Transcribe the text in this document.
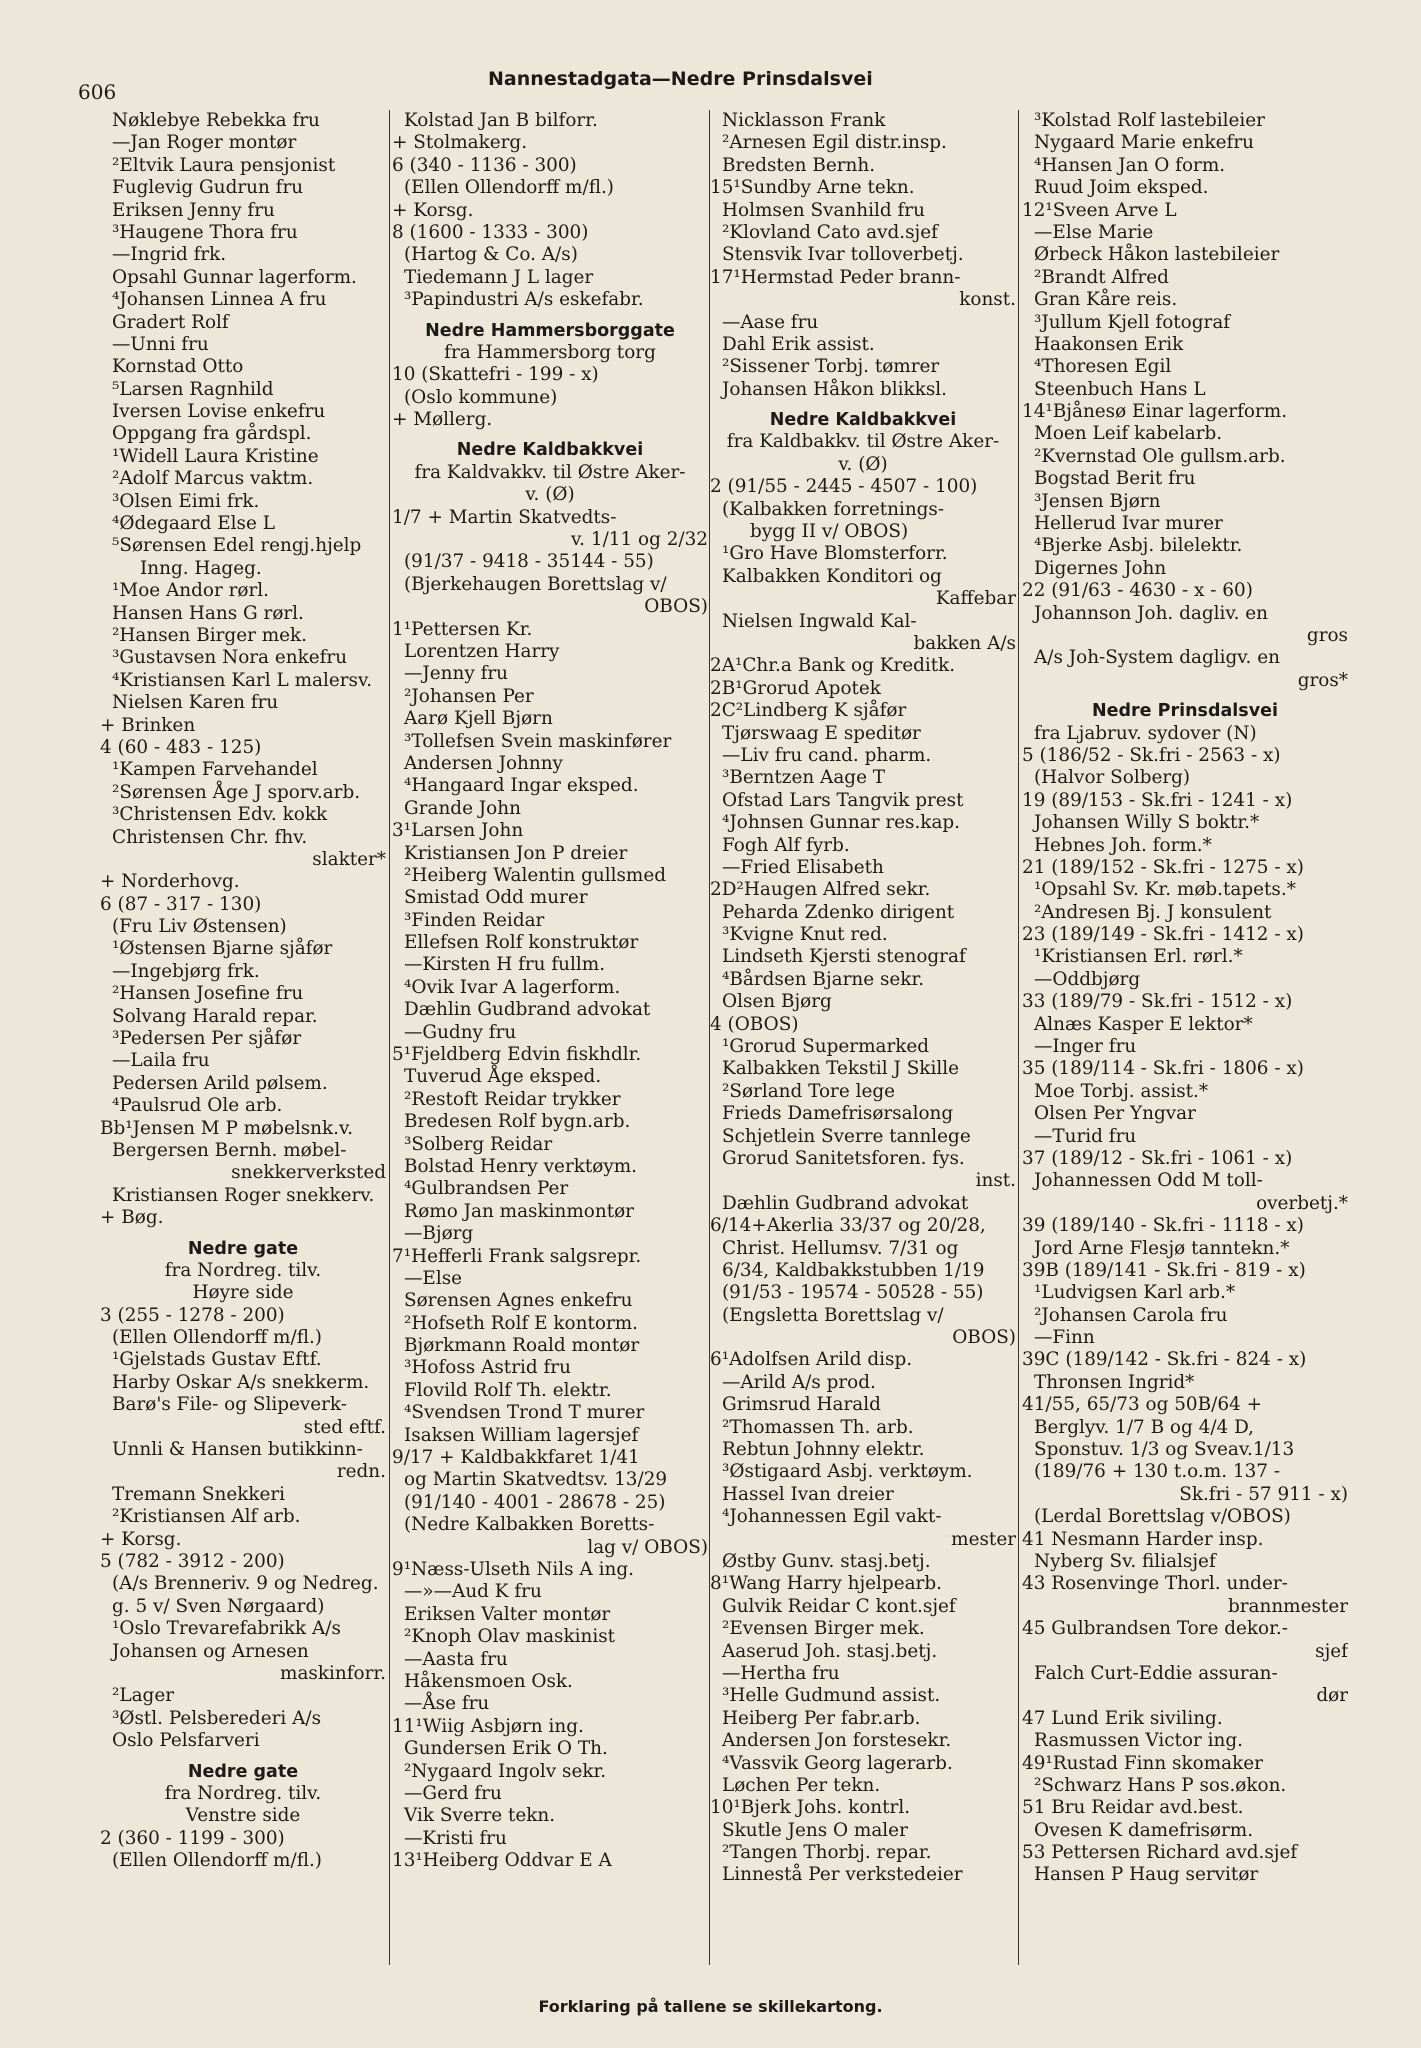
606
Nannestadgata—Nedre Prinsdalsvei
Nøklebye Rebekka fru
—Jan Roger montør
²Eltvik Laura pensjonist
Fuglevig Gudrun fru
Eriksen Jenny fru
³Haugene Thora fru
—Ingrid frk.
Opsahl Gunnar lagerform.
⁴Johansen Linnea A fru
Gradert Rolf
—Unni fru
Kornstad Otto
⁵Larsen Ragnhild
Iversen Lovise enkefru
Oppgang fra gårdspl.
¹Widell Laura Kristine
²Adolf Marcus vaktm.
³Olsen Eimi frk.
⁴Ødegaard Else L
⁵Sørensen Edel rengj.hjelp
Inng. Hageg.
¹Moe Andor rørl.
Hansen Hans G rørl.
²Hansen Birger mek.
³Gustavsen Nora enkefru
⁴Kristiansen Karl L malersv.
Nielsen Karen fru
+ Brinken
4 (60 - 483 - 125)
¹Kampen Farvehandel
²Sørensen Åge J sporv.arb.
³Christensen Edv. kokk
Christensen Chr. fhv.
slakter*
+ Norderhovg.
6 (87 - 317 - 130)
(Fru Liv Østensen)
¹Østensen Bjarne sjåfør
—Ingebjørg frk.
²Hansen Josefine fru
Solvang Harald repar.
³Pedersen Per sjåfør
—Laila fru
Pedersen Arild pølsem.
⁴Paulsrud Ole arb.
Bb¹Jensen M P møbelsnk.v.
Bergersen Bernh. møbel-
snekkerverksted
Kristiansen Roger snekkerv.
+ Bøg.
Nedre gate
fra Nordreg. tilv.
Høyre side
3 (255 - 1278 - 200)
(Ellen Ollendorff m/fl.)
¹Gjelstads Gustav Eftf.
Harby Oskar A/s snekkerm.
Barø's File- og Slipeverk-
sted eftf.
Unnli & Hansen butikkinn-
redn.
Tremann Snekkeri
²Kristiansen Alf arb.
+ Korsg.
5 (782 - 3912 - 200)
(A/s Brenneriv. 9 og Nedreg.
g. 5 v/ Sven Nørgaard)
¹Oslo Trevarefabrikk A/s
Johansen og Arnesen
maskinforr.
²Lager
³Østl. Pelsberederi A/s
Oslo Pelsfarveri
Nedre gate
fra Nordreg. tilv.
Venstre side
2 (360 - 1199 - 300)
(Ellen Ollendorff m/fl.)
Kolstad Jan B bilforr.
+ Stolmakerg.
6 (340 - 1136 - 300)
(Ellen Ollendorff m/fl.)
+ Korsg.
8 (1600 - 1333 - 300)
(Hartog & Co. A/s)
Tiedemann J L lager
³Papindustri A/s eskefabr.
Nedre Hammersborggate
fra Hammersborg torg
10 (Skattefri - 199 - x)
(Oslo kommune)
+ Møllerg.
Nedre Kaldbakkvei
fra Kaldvakkv. til Østre Aker-
v. (Ø)
1/7 + Martin Skatvedts-
v. 1/11 og 2/32
(91/37 - 9418 - 35144 - 55)
(Bjerkehaugen Borettslag v/
OBOS)
1¹Pettersen Kr.
Lorentzen Harry
—Jenny fru
²Johansen Per
Aarø Kjell Bjørn
³Tollefsen Svein maskinfører
Andersen Johnny
⁴Hangaard Ingar eksped.
Grande John
3¹Larsen John
Kristiansen Jon P dreier
²Heiberg Walentin gullsmed
Smistad Odd murer
³Finden Reidar
Ellefsen Rolf konstruktør
—Kirsten H fru fullm.
⁴Ovik Ivar A lagerform.
Dæhlin Gudbrand advokat
—Gudny fru
5¹Fjeldberg Edvin fiskhdlr.
Tuverud Åge eksped.
²Restoft Reidar trykker
Bredesen Rolf bygn.arb.
³Solberg Reidar
Bolstad Henry verktøym.
⁴Gulbrandsen Per
Rømo Jan maskinmontør
—Bjørg
7¹Hefferli Frank salgsrepr.
—Else
Sørensen Agnes enkefru
²Hofseth Rolf E kontorm.
Bjørkmann Roald montør
³Hofoss Astrid fru
Flovild Rolf Th. elektr.
⁴Svendsen Trond T murer
Isaksen William lagersjef
9/17 + Kaldbakkfaret 1/41
og Martin Skatvedtsv. 13/29
(91/140 - 4001 - 28678 - 25)
(Nedre Kalbakken Boretts-
lag v/ OBOS)
9¹Næss-Ulseth Nils A ing.
—»—Aud K fru
Eriksen Valter montør
²Knoph Olav maskinist
—Aasta fru
Håkensmoen Osk.
—Åse fru
11¹Wiig Asbjørn ing.
Gundersen Erik O Th.
²Nygaard Ingolv sekr.
—Gerd fru
Vik Sverre tekn.
—Kristi fru
13¹Heiberg Oddvar E A
Nicklasson Frank
²Arnesen Egil distr.insp.
Bredsten Bernh.
15¹Sundby Arne tekn.
Holmsen Svanhild fru
²Klovland Cato avd.sjef
Stensvik Ivar tolloverbetj.
17¹Hermstad Peder brann-
konst.
—Aase fru
Dahl Erik assist.
²Sissener Torbj. tømrer
Johansen Håkon blikksl.
Nedre Kaldbakkvei
fra Kaldbakkv. til Østre Aker-
v. (Ø)
2 (91/55 - 2445 - 4507 - 100)
(Kalbakken forretnings-
bygg II v/ OBOS)
¹Gro Have Blomsterforr.
Kalbakken Konditori og
Kaffebar
Nielsen Ingwald Kal-
bakken A/s
2A¹Chr.a Bank og Kreditk.
2B¹Grorud Apotek
2C²Lindberg K sjåfør
Tjørswaag E speditør
—Liv fru cand. pharm.
³Berntzen Aage T
Ofstad Lars Tangvik prest
⁴Johnsen Gunnar res.kap.
Fogh Alf fyrb.
—Fried Elisabeth
2D²Haugen Alfred sekr.
Peharda Zdenko dirigent
³Kvigne Knut red.
Lindseth Kjersti stenograf
⁴Bårdsen Bjarne sekr.
Olsen Bjørg
4 (OBOS)
¹Grorud Supermarked
Kalbakken Tekstil J Skille
²Sørland Tore lege
Frieds Damefrisørsalong
Schjetlein Sverre tannlege
Grorud Sanitetsforen. fys.
inst.
Dæhlin Gudbrand advokat
6/14+Akerlia 33/37 og 20/28,
Christ. Hellumsv. 7/31 og
6/34, Kaldbakkstubben 1/19
(91/53 - 19574 - 50528 - 55)
(Engsletta Borettslag v/
OBOS)
6¹Adolfsen Arild disp.
—Arild A/s prod.
Grimsrud Harald
²Thomassen Th. arb.
Rebtun Johnny elektr.
³Østigaard Asbj. verktøym.
Hassel Ivan dreier
⁴Johannessen Egil vakt-
mester
Østby Gunv. stasj.betj.
8¹Wang Harry hjelpearb.
Gulvik Reidar C kont.sjef
²Evensen Birger mek.
Aaserud Joh. stasj.betj.
—Hertha fru
³Helle Gudmund assist.
Heiberg Per fabr.arb.
Andersen Jon forstesekr.
⁴Vassvik Georg lagerarb.
Løchen Per tekn.
10¹Bjerk Johs. kontrl.
Skutle Jens O maler
²Tangen Thorbj. repar.
Linnestå Per verkstedeier
³Kolstad Rolf lastebileier
Nygaard Marie enkefru
⁴Hansen Jan O form.
Ruud Joim eksped.
12¹Sveen Arve L
—Else Marie
Ørbeck Håkon lastebileier
²Brandt Alfred
Gran Kåre reis.
³Jullum Kjell fotograf
Haakonsen Erik
⁴Thoresen Egil
Steenbuch Hans L
14¹Bjånesø Einar lagerform.
Moen Leif kabelarb.
²Kvernstad Ole gullsm.arb.
Bogstad Berit fru
³Jensen Bjørn
Hellerud Ivar murer
⁴Bjerke Asbj. bilelektr.
Digernes John
22 (91/63 - 4630 - x - 60)
Johannson Joh. dagliv. en
gros
A/s Joh-System dagligv. en
gros*
Nedre Prinsdalsvei
fra Ljabruv. sydover (N)
5 (186/52 - Sk.fri - 2563 - x)
(Halvor Solberg)
19 (89/153 - Sk.fri - 1241 - x)
Johansen Willy S boktr.*
Hebnes Joh. form.*
21 (189/152 - Sk.fri - 1275 - x)
¹Opsahl Sv. Kr. møb.tapets.*
²Andresen Bj. J konsulent
23 (189/149 - Sk.fri - 1412 - x)
¹Kristiansen Erl. rørl.*
—Oddbjørg
33 (189/79 - Sk.fri - 1512 - x)
Alnæs Kasper E lektor*
—Inger fru
35 (189/114 - Sk.fri - 1806 - x)
Moe Torbj. assist.*
Olsen Per Yngvar
—Turid fru
37 (189/12 - Sk.fri - 1061 - x)
Johannessen Odd M toll-
overbetj.*
39 (189/140 - Sk.fri - 1118 - x)
Jord Arne Flesjø tanntekn.*
39B (189/141 - Sk.fri - 819 - x)
¹Ludvigsen Karl arb.*
²Johansen Carola fru
—Finn
39C (189/142 - Sk.fri - 824 - x)
Thronsen Ingrid*
41/55, 65/73 og 50B/64 +
Berglyv. 1/7 B og 4/4 D,
Sponstuv. 1/3 og Sveav.1/13
(189/76 + 130 t.o.m. 137 -
Sk.fri - 57 911 - x)
(Lerdal Borettslag v/OBOS)
41 Nesmann Harder insp.
Nyberg Sv. filialsjef
43 Rosenvinge Thorl. under-
brannmester
45 Gulbrandsen Tore dekor.-
sjef
Falch Curt-Eddie assuran-
dør
47 Lund Erik siviling.
Rasmussen Victor ing.
49¹Rustad Finn skomaker
²Schwarz Hans P sos.økon.
51 Bru Reidar avd.best.
Ovesen K damefrisørm.
53 Pettersen Richard avd.sjef
Hansen P Haug servitør
Forklaring på tallene se skillekartong.
